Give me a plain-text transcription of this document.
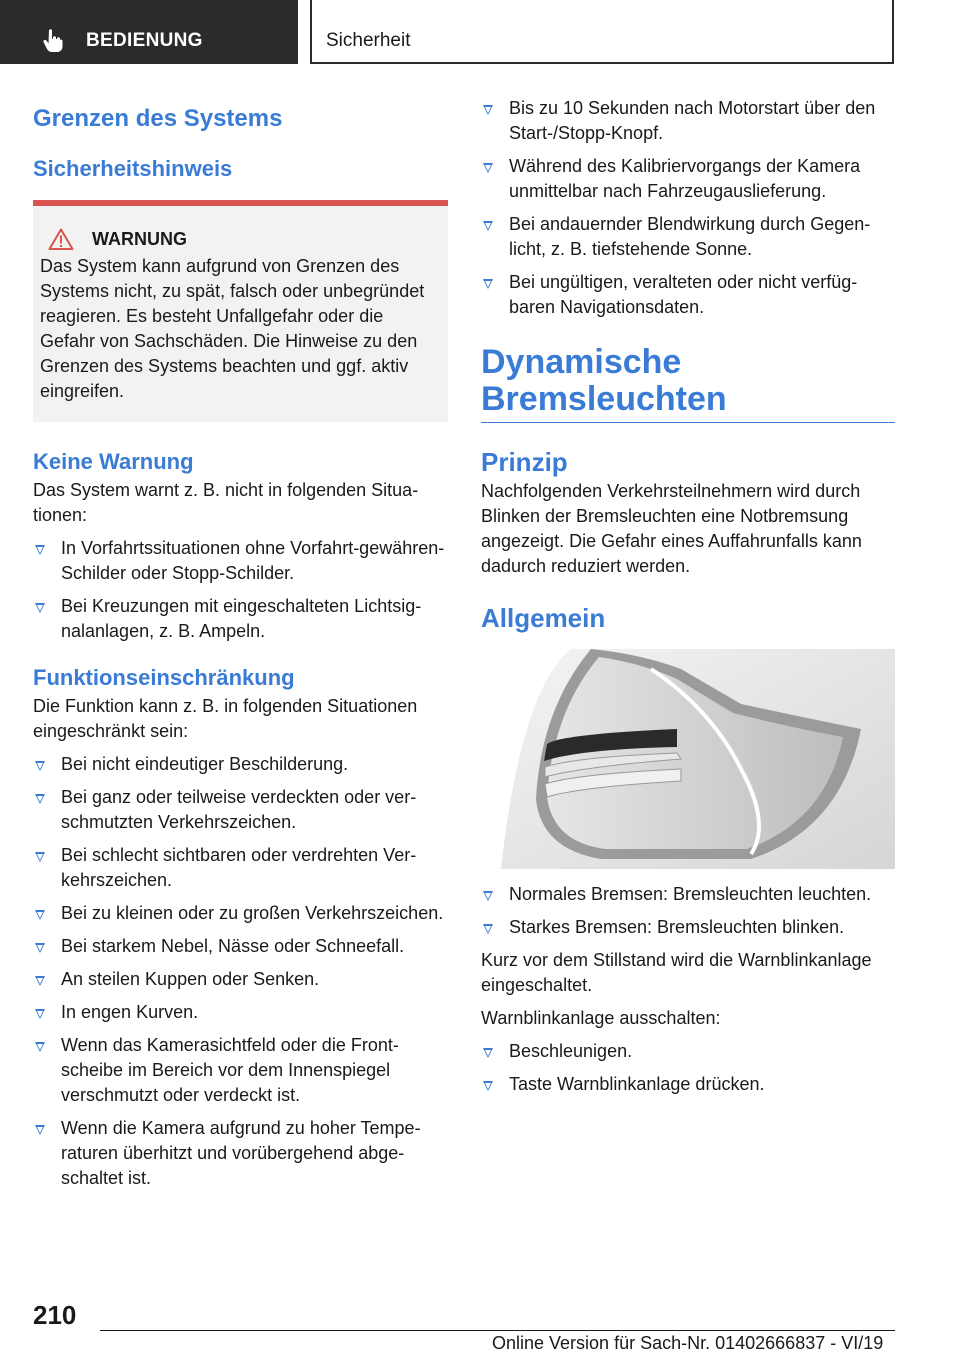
BEDIENUNG	Sicherheit
Grenzen des Systems
Sicherheitshinweis
WARNUNG

Das System kann aufgrund von Grenzen des Systems nicht, zu spät, falsch oder unbegründet reagieren. Es besteht Unfallgefahr oder die Gefahr von Sachschäden. Die Hinweise zu den Grenzen des Systems beachten und ggf. aktiv eingreifen.

Keine Warnung

Das System warnt z. B. nicht in folgenden Situationen:

In Vorfahrtssituationen ohne Vorfahrt-gewähren-Schilder oder Stopp-Schilder.
Bei Kreuzungen mit eingeschalteten Lichtsignalanlagen, z. B. Ampeln.
Funktionseinschränkung

Die Funktion kann z. B. in folgenden Situationen eingeschränkt sein:

Bei nicht eindeutiger Beschilderung.
Bei ganz oder teilweise verdeckten oder verschmutzten Verkehrszeichen.
Bei schlecht sichtbaren oder verdrehten Verkehrszeichen.
Bei zu kleinen oder zu großen Verkehrszeichen.
Bei starkem Nebel, Nässe oder Schneefall.
An steilen Kuppen oder Senken.
In engen Kurven.
Wenn das Kamerasichtfeld oder die Frontscheibe im Bereich vor dem Innenspiegel verschmutzt oder verdeckt ist.
Wenn die Kamera aufgrund zu hoher Temperaturen überhitzt und vorübergehend abgeschaltet ist.
Bis zu 10 Sekunden nach Motorstart über den Start-/Stopp-Knopf.
Während des Kalibriervorgangs der Kamera unmittelbar nach Fahrzeugauslieferung.
Bei andauernder Blendwirkung durch Gegenlicht, z. B. tiefstehende Sonne.
Bei ungültigen, veralteten oder nicht verfügbaren Navigationsdaten.
Dynamische
Bremsleuchten
Prinzip

Nachfolgenden Verkehrsteilnehmern wird durch Blinken der Bremsleuchten eine Notbremsung angezeigt. Die Gefahr eines Auffahrunfalls kann dadurch reduziert werden.

Allgemein
Normales Bremsen: Bremsleuchten leuchten.
Starkes Bremsen: Bremsleuchten blinken.

Kurz vor dem Stillstand wird die Warnblinkanlage eingeschaltet.

Warnblinkanlage ausschalten:

Beschleunigen.
Taste Warnblinkanlage drücken.
210
Online Version für Sach-Nr. 01402666837 - VI/19
